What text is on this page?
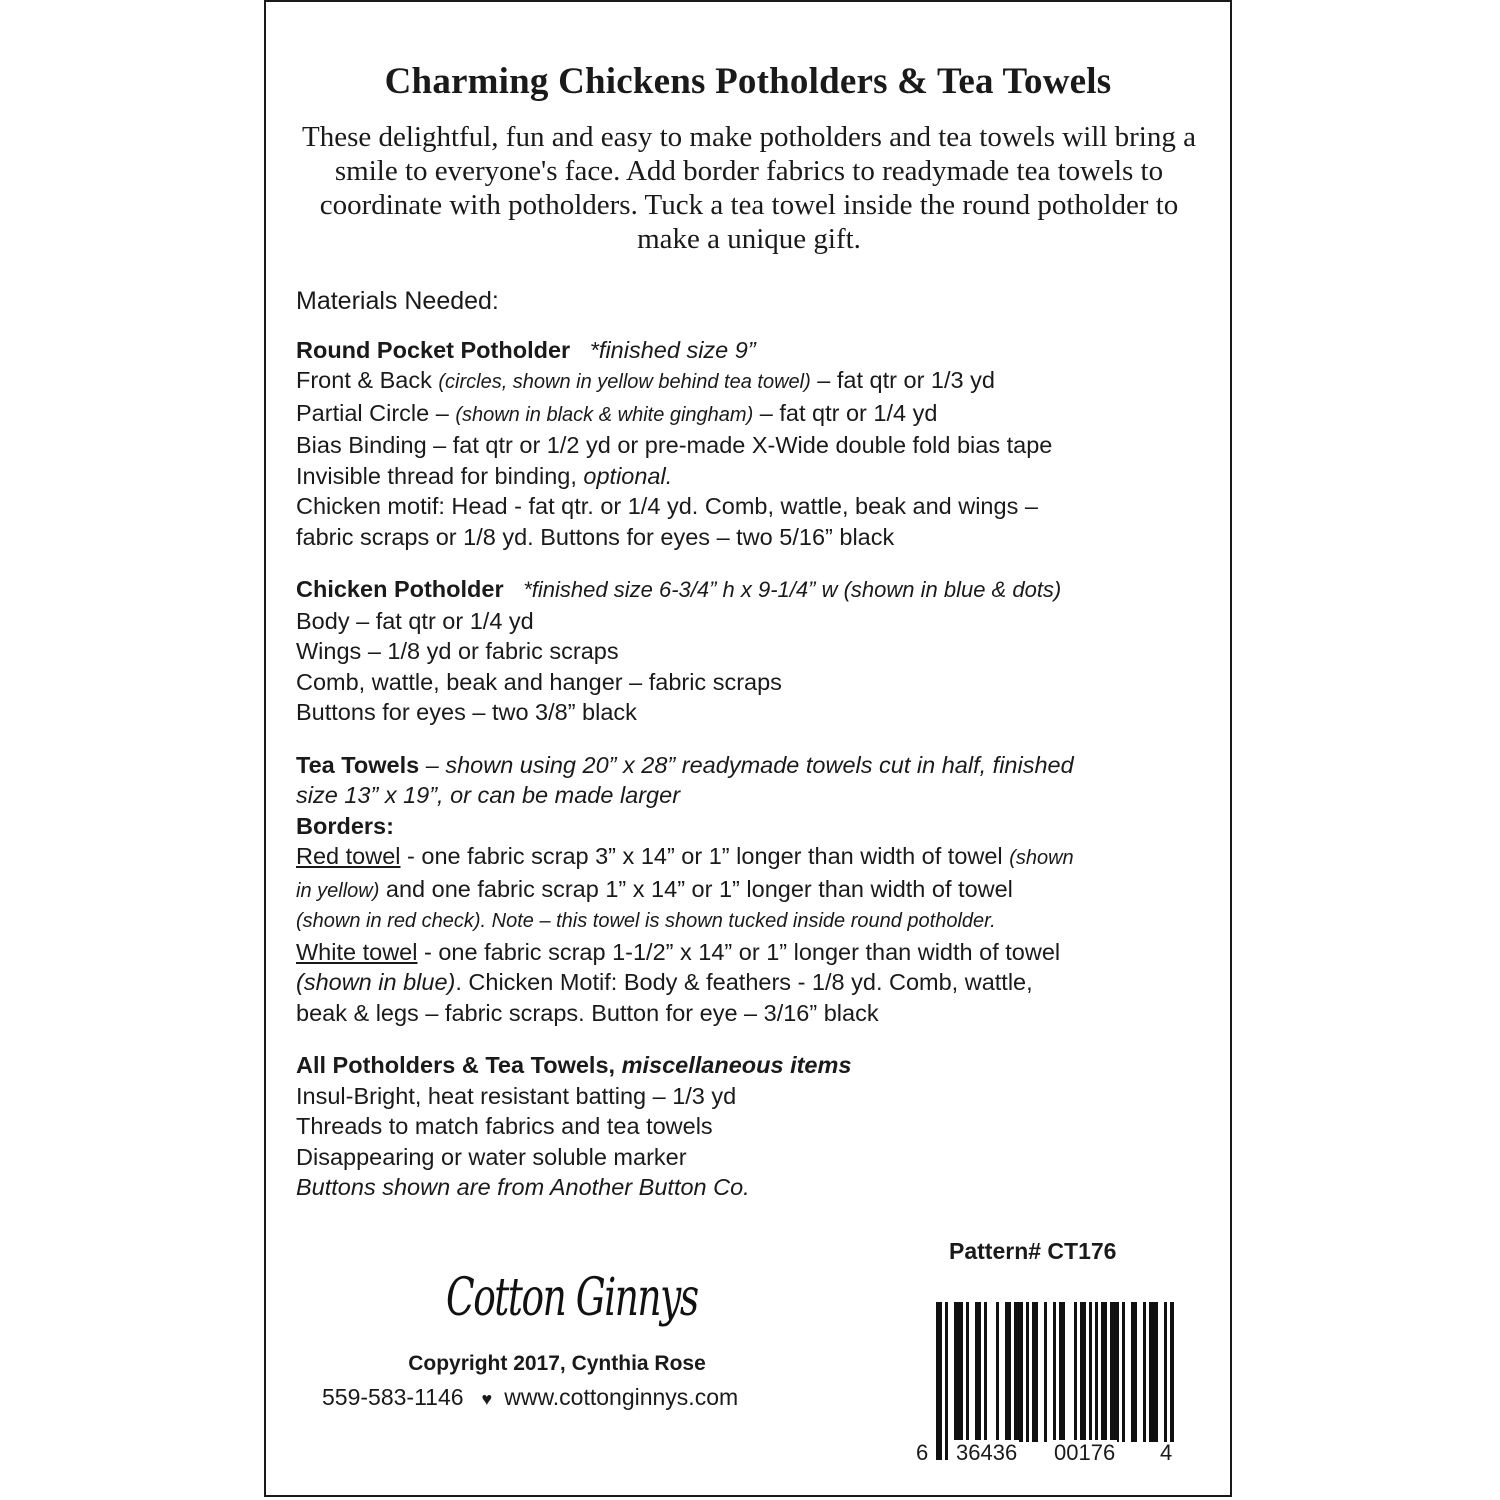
Charming Chickens Potholders & Tea Towels
These delightful, fun and easy to make potholders and tea towels will bring a smile to everyone's face. Add border fabrics to readymade tea towels to coordinate with potholders. Tuck a tea towel inside the round potholder to make a unique gift.

Materials Needed:

Round Pocket Potholder *finished size 9”

Front & Back (circles, shown in yellow behind tea towel) – fat qtr or 1/3 yd

Partial Circle – (shown in black & white gingham) – fat qtr or 1/4 yd

Bias Binding – fat qtr or 1/2 yd or pre-made X-Wide double fold bias tape

Invisible thread for binding, optional.

Chicken motif: Head - fat qtr. or 1/4 yd. Comb, wattle, beak and wings –

fabric scraps or 1/8 yd. Buttons for eyes – two 5/16” black

Chicken Potholder *finished size 6-3/4” h x 9-1/4” w (shown in blue & dots)

Body – fat qtr or 1/4 yd

Wings – 1/8 yd or fabric scraps

Comb, wattle, beak and hanger – fabric scraps

Buttons for eyes – two 3/8” black

Tea Towels – shown using 20” x 28” readymade towels cut in half, finished

size 13” x 19”, or can be made larger

Borders:

Red towel - one fabric scrap 3” x 14” or 1” longer than width of towel (shown

in yellow) and one fabric scrap 1” x 14” or 1” longer than width of towel

(shown in red check). Note – this towel is shown tucked inside round potholder.

White towel - one fabric scrap 1-1/2” x 14” or 1” longer than width of towel

(shown in blue). Chicken Motif: Body & feathers - 1/8 yd. Comb, wattle,

beak & legs – fabric scraps. Button for eye – 3/16” black

All Potholders & Tea Towels, miscellaneous items

Insul-Bright, heat resistant batting – 1/3 yd

Threads to match fabrics and tea towels

Disappearing or water soluble marker

Buttons shown are from Another Button Co.

Pattern# CT176
Cotton Ginnys
Copyright 2017, Cynthia Rose
559-583-1146 ♥ www.cottonginnys.com
6 36436 00176 4
